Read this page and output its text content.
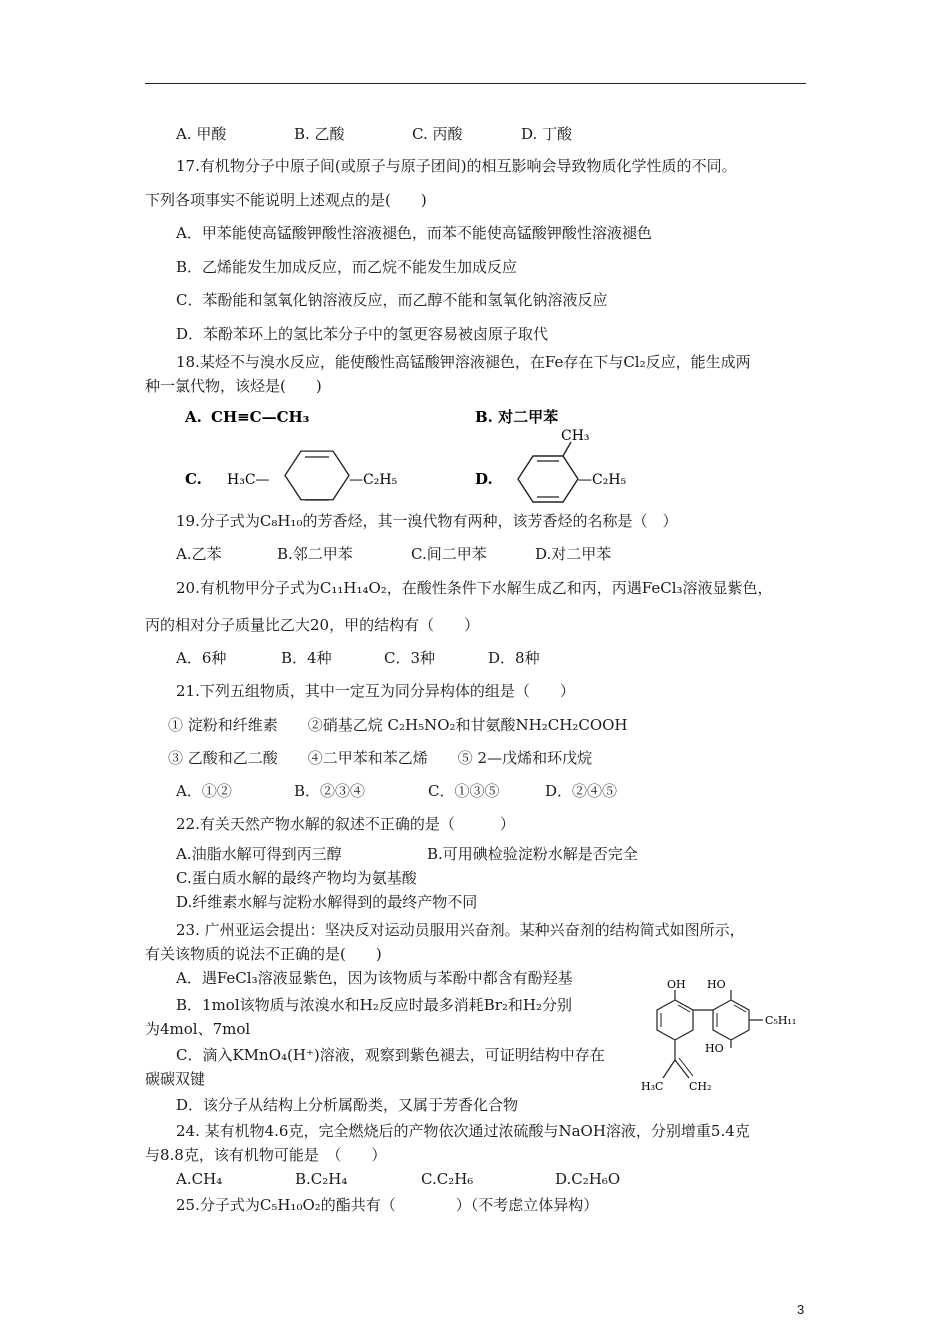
A. 甲酸	B. 乙酸	C. 丙酸	D. 丁酸
17.有机物分子中原子间(或原子与原子团间)的相互影响会导致物质化学性质的不同。
下列各项事实不能说明上述观点的是(　　)
A．甲苯能使高锰酸钾酸性溶液褪色，而苯不能使高锰酸钾酸性溶液褪色
B．乙烯能发生加成反应，而乙烷不能发生加成反应
C．苯酚能和氢氧化钠溶液反应，而乙醇不能和氢氧化钠溶液反应
D．苯酚苯环上的氢比苯分子中的氢更容易被卤原子取代
18.某烃不与溴水反应，能使酸性高锰酸钾溶液褪色，在Fe存在下与Cl₂反应，能生成两
种一氯代物，该烃是(　　)
A. CH≡C—CH₃	B. 对二甲苯
C. H₃C—	—C₂H₅	D.
CH₃
—C₂H₅
19.分子式为C₈H₁₀的芳香烃，其一溴代物有两种，该芳香烃的名称是（　）
A.乙苯	B.邻二甲苯	C.间二甲苯	D.对二甲苯
20.有机物甲分子式为C₁₁H₁₄O₂，在酸性条件下水解生成乙和丙，丙遇FeCl₃溶液显紫色，
丙的相对分子质量比乙大20，甲的结构有（　　）
A．6种	B．4种	C．3种	D．8种
21.下列五组物质，其中一定互为同分异构体的组是（　　）
① 淀粉和纤维素　　②硝基乙烷 C₂H₅NO₂和甘氨酸NH₂CH₂COOH
③ 乙酸和乙二酸　　④二甲苯和苯乙烯　　⑤ 2—戊烯和环戊烷
A．①②	B．②③④	C．①③⑤	D．②④⑤
22.有关天然产物水解的叙述不正确的是（　　　）
A.油脂水解可得到丙三醇	B.可用碘检验淀粉水解是否完全
C.蛋白质水解的最终产物均为氨基酸
D.纤维素水解与淀粉水解得到的最终产物不同
23. 广州亚运会提出：坚决反对运动员服用兴奋剂。某种兴奋剂的结构简式如图所示，
有关该物质的说法不正确的是(　　)
A．遇FeCl₃溶液显紫色，因为该物质与苯酚中都含有酚羟基
B．1mol该物质与浓溴水和H₂反应时最多消耗Br₂和H₂分别
为4mol、7mol
C．滴入KMnO₄(H⁺)溶液，观察到紫色褪去，可证明结构中存在
碳碳双键
D．该分子从结构上分析属酚类，又属于芳香化合物
OH HO
HO
C₅H₁₁
H₃C CH₂
24. 某有机物4.6克，完全燃烧后的产物依次通过浓硫酸与NaOH溶液，分别增重5.4克
与8.8克，该有机物可能是　（　　）
A.CH₄	B.C₂H₄	C.C₂H₆	D.C₂H₆O
25.分子式为C₅H₁₀O₂的酯共有（　　　　）（不考虑立体异构）
3
